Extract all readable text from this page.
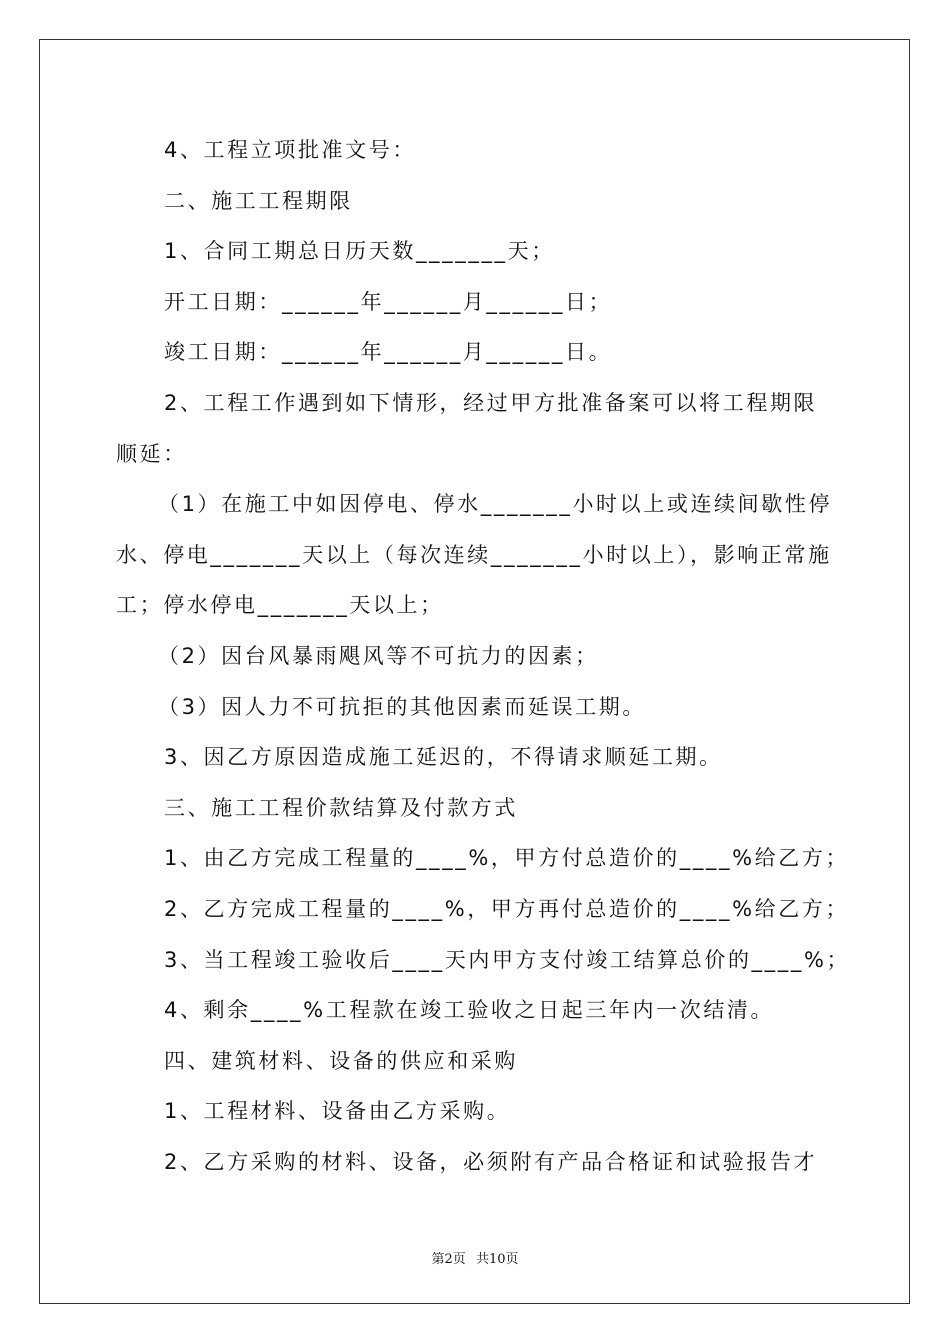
4、工程立项批准文号：
二、施工工程期限
1、合同工期总日历天数_______天；
开工日期：______年______月______日；
竣工日期：______年______月______日。
2、工程工作遇到如下情形，经过甲方批准备案可以将工程期限
顺延：
（1）在施工中如因停电、停水_______小时以上或连续间歇性停
水、停电_______天以上（每次连续_______小时以上），影响正常施
工；停水停电_______天以上；
（2）因台风暴雨飓风等不可抗力的因素；
（3）因人力不可抗拒的其他因素而延误工期。
3、因乙方原因造成施工延迟的，不得请求顺延工期。
三、施工工程价款结算及付款方式
1、由乙方完成工程量的____%，甲方付总造价的____%给乙方；
2、乙方完成工程量的____%，甲方再付总造价的____%给乙方；
3、当工程竣工验收后____天内甲方支付竣工结算总价的____%；
4、剩余____%工程款在竣工验收之日起三年内一次结清。
四、建筑材料、设备的供应和采购
1、工程材料、设备由乙方采购。
2、乙方采购的材料、设备，必须附有产品合格证和试验报告才
第2页 共10页
